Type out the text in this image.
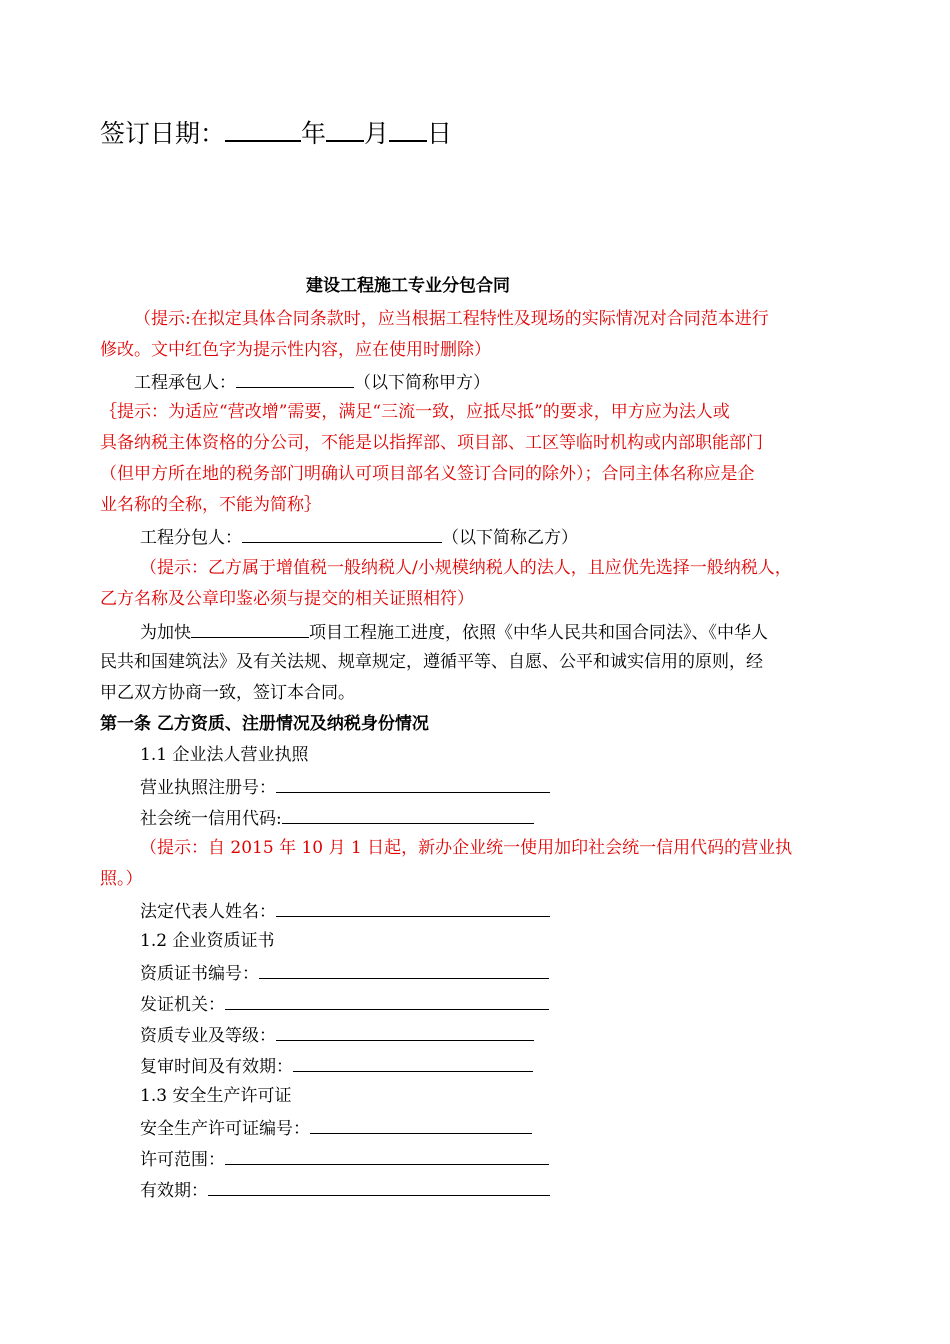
签订日期：	年 月 日
建设工程施工专业分包合同
（提示:在拟定具体合同条款时，应当根据工程特性及现场的实际情况对合同范本进行
修改。文中红色字为提示性内容，应在使用时删除）
工程承包人：	（以下简称甲方）
｛提示：为适应“营改增”需要，满足“三流一致，应抵尽抵”的要求，甲方应为法人或
具备纳税主体资格的分公司，不能是以指挥部、项目部、工区等临时机构或内部职能部门
（但甲方所在地的税务部门明确认可项目部名义签订合同的除外）；合同主体名称应是企
业名称的全称，不能为简称｝
工程分包人：	（以下简称乙方）
（提示：乙方属于增值税一般纳税人/小规模纳税人的法人，且应优先选择一般纳税人，
乙方名称及公章印鉴必须与提交的相关证照相符）
为加快	项目工程施工进度，依照《中华人民共和国合同法》、《中华人
民共和国建筑法》及有关法规、规章规定，遵循平等、自愿、公平和诚实信用的原则，经
甲乙双方协商一致，签订本合同。
第一条 乙方资质、注册情况及纳税身份情况
1.1 企业法人营业执照
营业执照注册号：
社会统一信用代码:
（提示：自 2015 年 10 月 1 日起，新办企业统一使用加印社会统一信用代码的营业执
照。）
法定代表人姓名：
1.2 企业资质证书
资质证书编号：
发证机关：
资质专业及等级：
复审时间及有效期：
1.3 安全生产许可证
安全生产许可证编号：
许可范围：
有效期：
